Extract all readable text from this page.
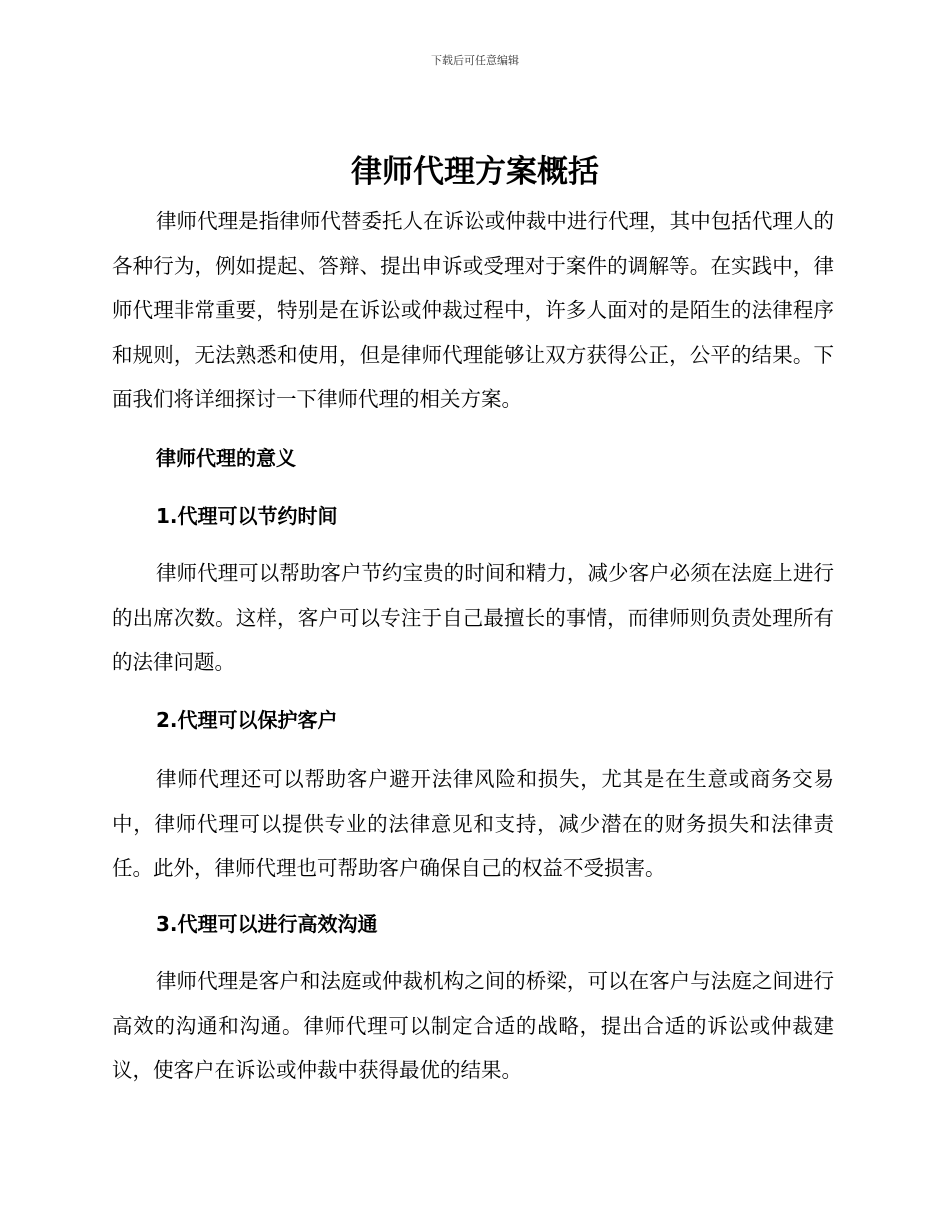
下载后可任意编辑
律师代理方案概括

律师代理是指律师代替委托人在诉讼或仲裁中进行代理，其中包括代理人的各种行为，例如提起、答辩、提出申诉或受理对于案件的调解等。在实践中，律师代理非常重要，特别是在诉讼或仲裁过程中，许多人面对的是陌生的法律程序和规则，无法熟悉和使用，但是律师代理能够让双方获得公正，公平的结果。下面我们将详细探讨一下律师代理的相关方案。

律师代理的意义
1.代理可以节约时间

律师代理可以帮助客户节约宝贵的时间和精力，减少客户必须在法庭上进行的出席次数。这样，客户可以专注于自己最擅长的事情，而律师则负责处理所有的法律问题。

2.代理可以保护客户

律师代理还可以帮助客户避开法律风险和损失，尤其是在生意或商务交易中，律师代理可以提供专业的法律意见和支持，减少潜在的财务损失和法律责任。此外，律师代理也可帮助客户确保自己的权益不受损害。

3.代理可以进行高效沟通

律师代理是客户和法庭或仲裁机构之间的桥梁，可以在客户与法庭之间进行高效的沟通和沟通。律师代理可以制定合适的战略，提出合适的诉讼或仲裁建议，使客户在诉讼或仲裁中获得最优的结果。
